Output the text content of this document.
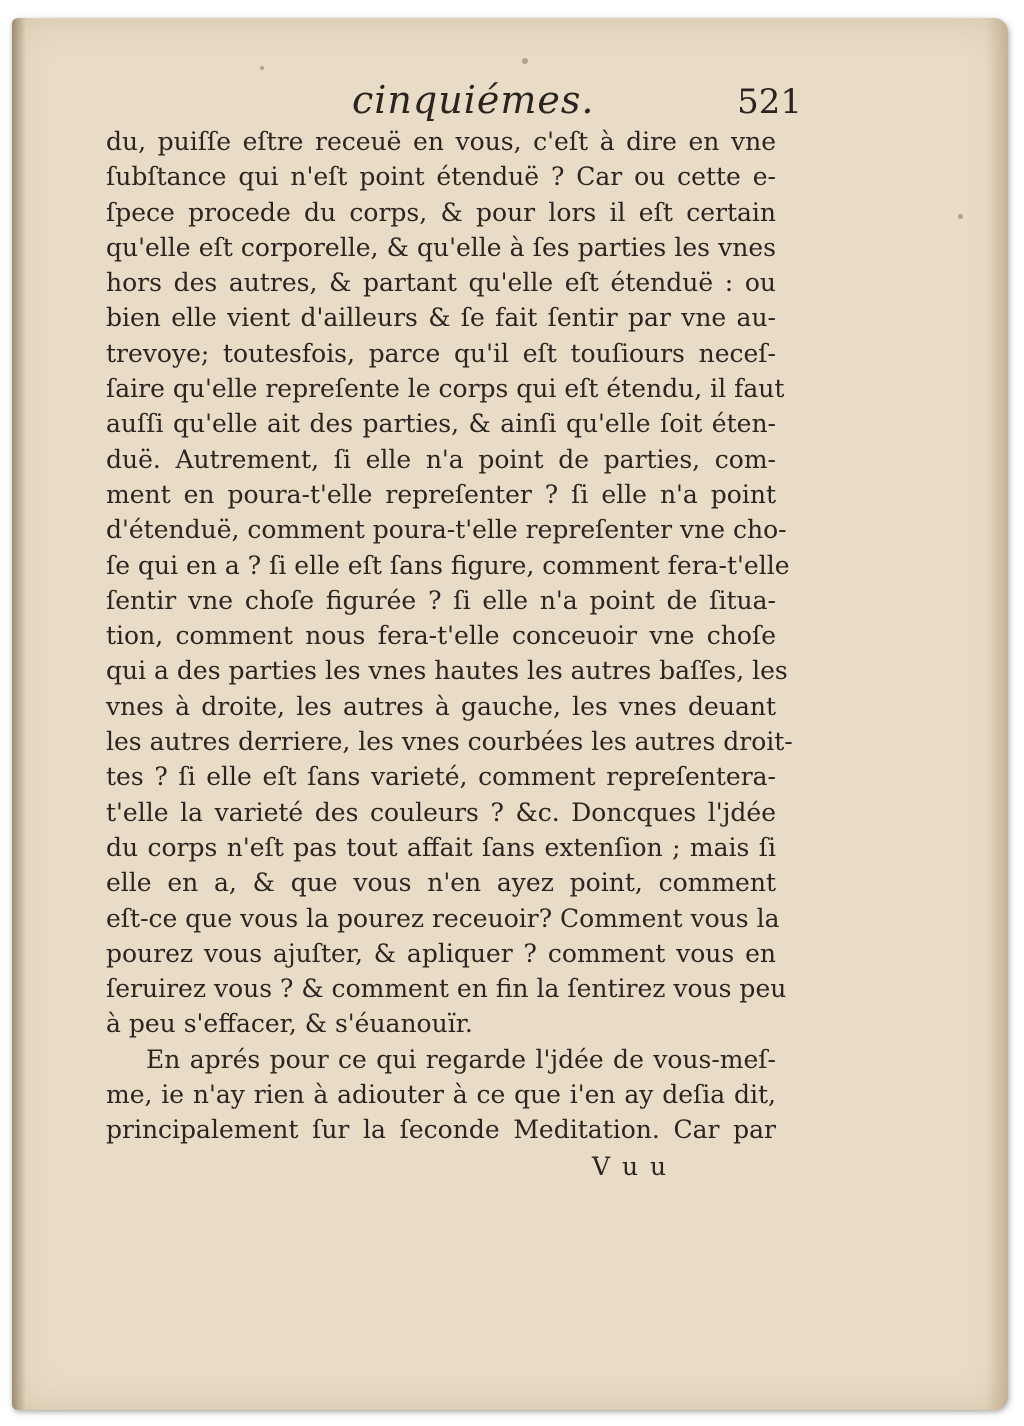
cinquiémes.	521
du, puiſſe eſtre receuë en vous, c'eſt à dire en vne
ſubſtance qui n'eſt point étenduë ? Car ou cette e-
ſpece procede du corps, & pour lors il eſt certain
qu'elle eſt corporelle, & qu'elle à ſes parties les vnes
hors des autres, & partant qu'elle eſt étenduë : ou
bien elle vient d'ailleurs & ſe fait ſentir par vne au-
trevoye; toutesfois, parce qu'il eſt touſiours neceſ-
ſaire qu'elle repreſente le corps qui eſt étendu, il faut
auſſi qu'elle ait des parties, & ainſi qu'elle ſoit éten-
duë. Autrement, ſi elle n'a point de parties, com-
ment en poura-t'elle repreſenter ? ſi elle n'a point
d'étenduë, comment poura-t'elle repreſenter vne cho-
ſe qui en a ? ſi elle eſt ſans figure, comment fera-t'elle
ſentir vne choſe figurée ? ſi elle n'a point de ſitua-
tion, comment nous fera-t'elle conceuoir vne choſe
qui a des parties les vnes hautes les autres baſſes, les
vnes à droite, les autres à gauche, les vnes deuant
les autres derriere, les vnes courbées les autres droit-
tes ? ſi elle eſt ſans varieté, comment repreſentera-
t'elle la varieté des couleurs ? &c. Doncques l'jdée
du corps n'eſt pas tout affait ſans extenſion ; mais ſi
elle en a, & que vous n'en ayez point, comment
eſt-ce que vous la pourez receuoir? Comment vous la
pourez vous ajuſter, & apliquer ? comment vous en
ſeruirez vous ? & comment en fin la ſentirez vous peu
à peu s'effacer, & s'éuanouïr.
En aprés pour ce qui regarde l'jdée de vous-meſ-
me, ie n'ay rien à adiouter à ce que i'en ay deſia dit,
principalement ſur la ſeconde Meditation. Car par
V u u
